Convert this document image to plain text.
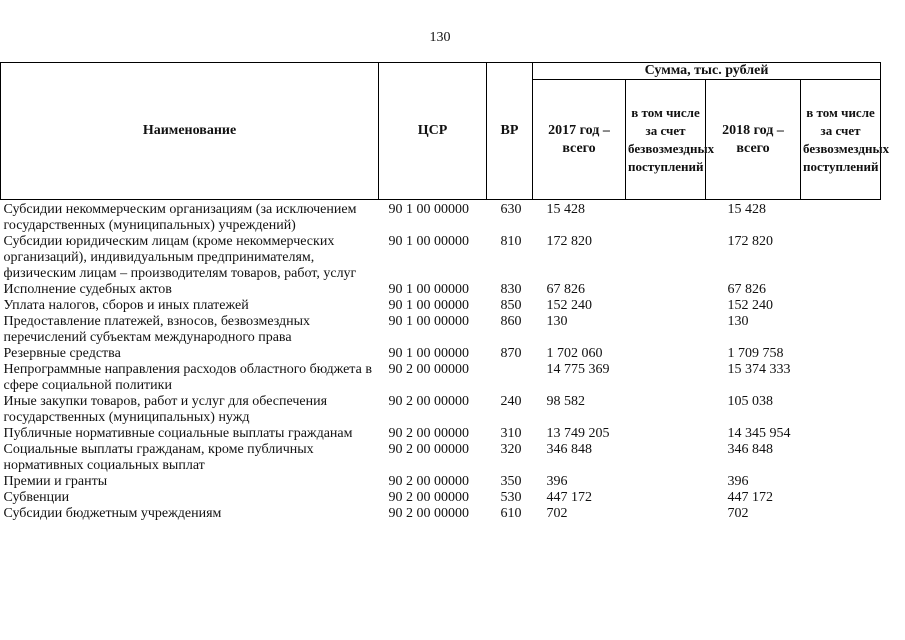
130
Наименование	ЦСР	ВР	Сумма, тыс. рублей			
			2017 год – всего	в том числе за счет безвозмездных поступлений	2018 год – всего	в том числе за счет безвозмездных поступлений
Субсидии некоммерческим организациям (за исключением государственных (муниципальных) учреждений)	90 1 00 00000	630	15 428		15 428	
Субсидии юридическим лицам (кроме некоммерческих организаций), индивидуальным предпринимателям, физическим лицам – производителям товаров, работ, услуг	90 1 00 00000	810	172 820		172 820	
Исполнение судебных актов	90 1 00 00000	830	67 826		67 826	
Уплата налогов, сборов и иных платежей	90 1 00 00000	850	152 240		152 240	
Предоставление платежей, взносов, безвозмездных перечислений субъектам международного права	90 1 00 00000	860	130		130	
Резервные средства	90 1 00 00000	870	1 702 060		1 709 758	
Непрограммные направления расходов областного бюджета в сфере социальной политики	90 2 00 00000		14 775 369		15 374 333	
Иные закупки товаров, работ и услуг для обеспечения государственных (муниципальных) нужд	90 2 00 00000	240	98 582		105 038	
Публичные нормативные социальные выплаты гражданам	90 2 00 00000	310	13 749 205		14 345 954	
Социальные выплаты гражданам, кроме публичных нормативных социальных выплат	90 2 00 00000	320	346 848		346 848	
Премии и гранты	90 2 00 00000	350	396		396	
Субвенции	90 2 00 00000	530	447 172		447 172	
Субсидии бюджетным учреждениям	90 2 00 00000	610	702		702	
